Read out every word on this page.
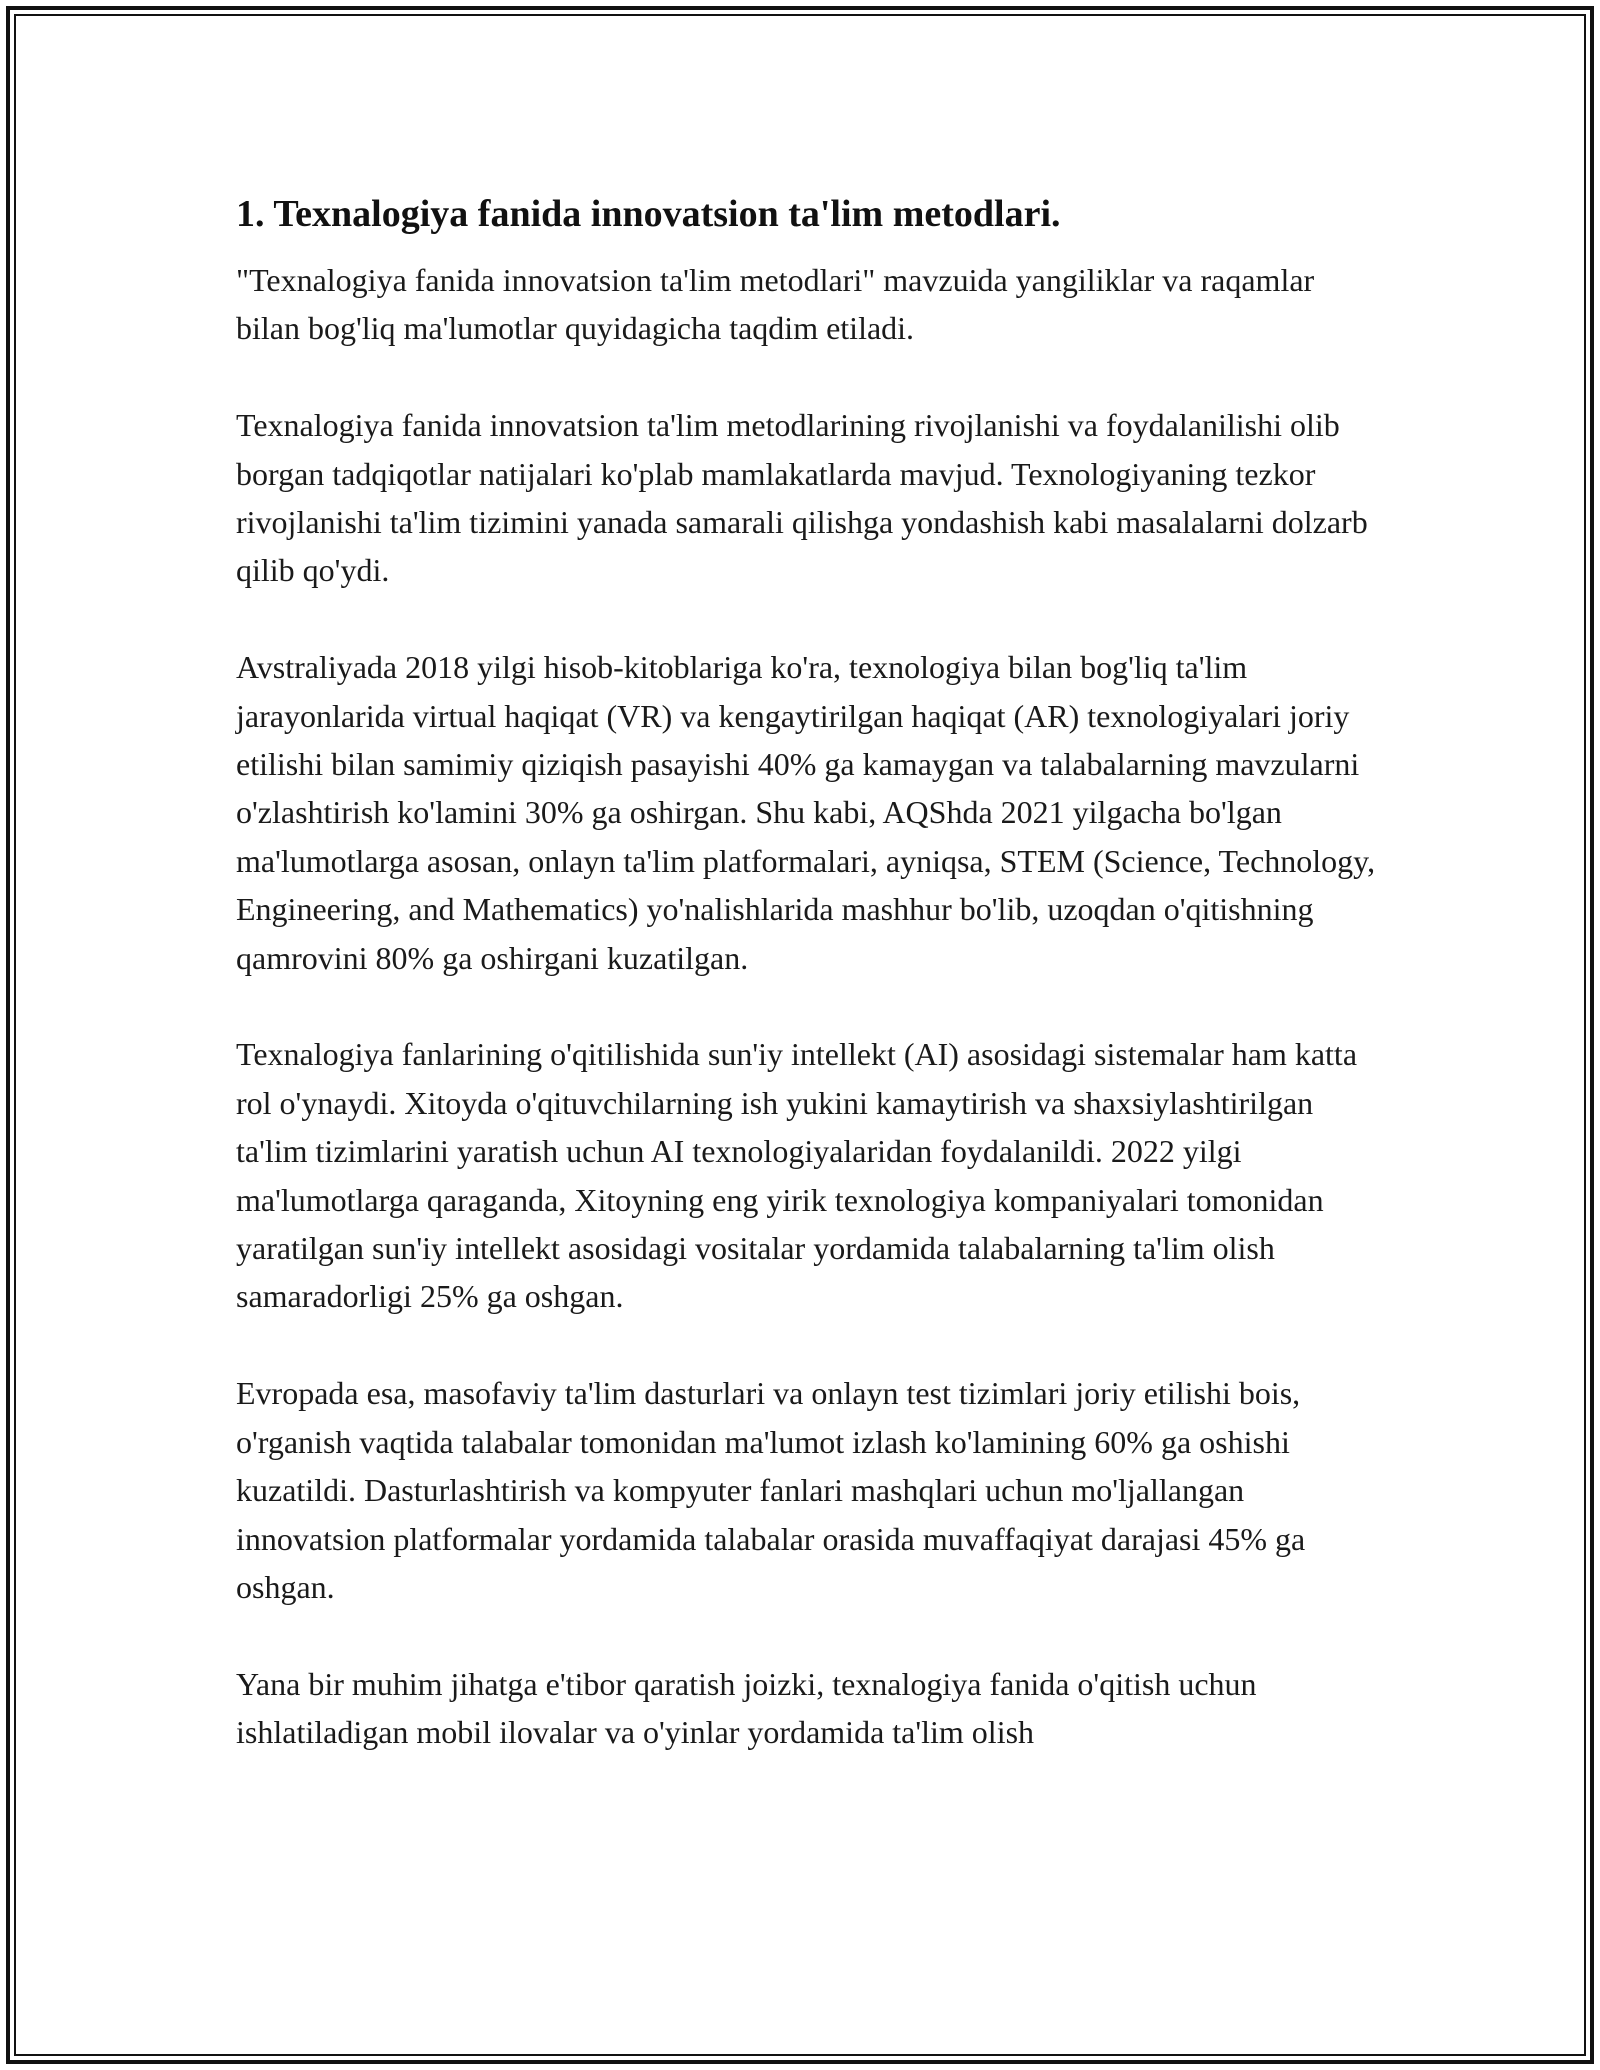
1. Texnalogiya fanida innovatsion ta'lim metodlari.

"Texnalogiya fanida innovatsion ta'lim metodlari" mavzuida yangiliklar va raqamlar bilan bog'liq ma'lumotlar quyidagicha taqdim etiladi.

Texnalogiya fanida innovatsion ta'lim metodlarining rivojlanishi va foydalanilishi olib borgan tadqiqotlar natijalari ko'plab mamlakatlarda mavjud. Texnologiyaning tezkor rivojlanishi ta'lim tizimini yanada samarali qilishga yondashish kabi masalalarni dolzarb qilib qo'ydi.

Avstraliyada 2018 yilgi hisob-kitoblariga ko'ra, texnologiya bilan bog'liq ta'lim jarayonlarida virtual haqiqat (VR) va kengaytirilgan haqiqat (AR) texnologiyalari joriy etilishi bilan samimiy qiziqish pasayishi 40% ga kamaygan va talabalarning mavzularni o'zlashtirish ko'lamini 30% ga oshirgan. Shu kabi, AQShda 2021 yilgacha bo'lgan ma'lumotlarga asosan, onlayn ta'lim platformalari, ayniqsa, STEM (Science, Technology, Engineering, and Mathematics) yo'nalishlarida mashhur bo'lib, uzoqdan o'qitishning qamrovini 80% ga oshirgani kuzatilgan.

Texnalogiya fanlarining o'qitilishida sun'iy intellekt (AI) asosidagi sistemalar ham katta rol o'ynaydi. Xitoyda o'qituvchilarning ish yukini kamaytirish va shaxsiylashtirilgan ta'lim tizimlarini yaratish uchun AI texnologiyalaridan foydalanildi. 2022 yilgi ma'lumotlarga qaraganda, Xitoyning eng yirik texnologiya kompaniyalari tomonidan yaratilgan sun'iy intellekt asosidagi vositalar yordamida talabalarning ta'lim olish samaradorligi 25% ga oshgan.

Evropada esa, masofaviy ta'lim dasturlari va onlayn test tizimlari joriy etilishi bois, o'rganish vaqtida talabalar tomonidan ma'lumot izlash ko'lamining 60% ga oshishi kuzatildi. Dasturlashtirish va kompyuter fanlari mashqlari uchun mo'ljallangan innovatsion platformalar yordamida talabalar orasida muvaffaqiyat darajasi 45% ga oshgan.

Yana bir muhim jihatga e'tibor qaratish joizki, texnalogiya fanida o'qitish uchun ishlatiladigan mobil ilovalar va o'yinlar yordamida ta'lim olish
